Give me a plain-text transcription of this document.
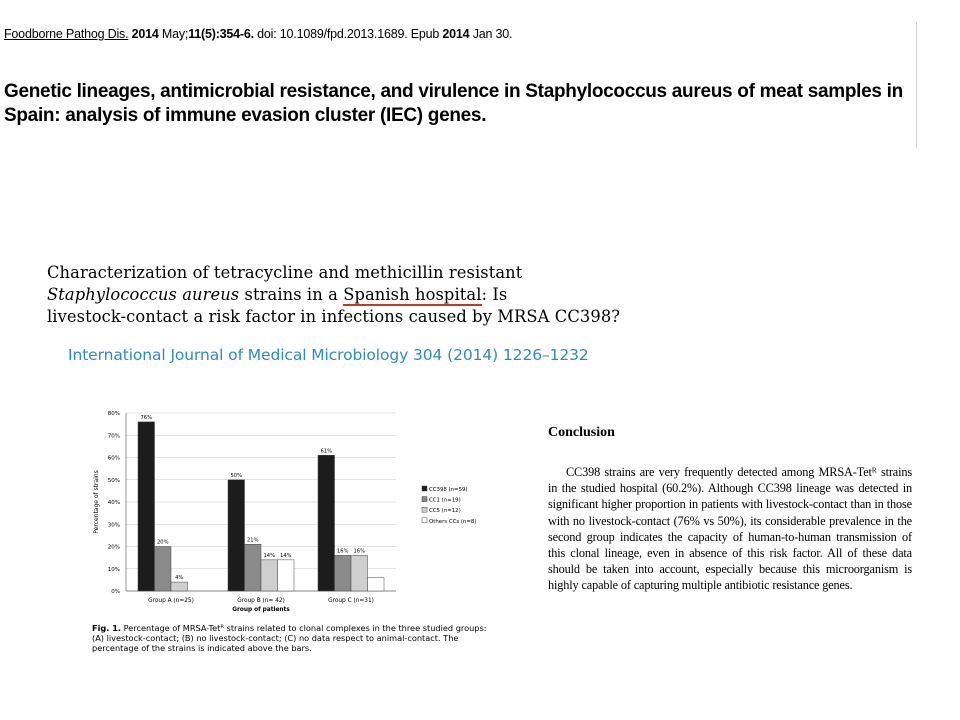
Foodborne Pathog Dis. 2014 May;11(5):354-6. doi: 10.1089/fpd.2013.1689. Epub 2014 Jan 30.
Genetic lineages, antimicrobial resistance, and virulence in Staphylococcus aureus of meat samples in Spain: analysis of immune evasion cluster (IEC) genes.
Characterization of tetracycline and methicillin resistant
Staphylococcus aureus strains in a Spanish hospital: Is
livestock-contact a risk factor in infections caused by MRSA CC398?
International Journal of Medical Microbiology 304 (2014) 1226–1232
0%
10%
20%
30%
40%
50%
60%
70%
80%
76%
20%
4%
Group A (n=25)
50%
21%
14% 14%
Group B (n= 42)
61%
16% 16%
Group C (n=31)
Group of patients
Percentage of strains	CC398 (n=59)
CC1 (n=19)
CC5 (n=12)
Others CCs (n=8)
Fig. 1. Percentage of MRSA-Tetᴿ strains related to clonal complexes in the three studied groups: (A) livestock-contact; (B) no livestock-contact; (C) no data respect to animal-contact. The percentage of the strains is indicated above the bars.
Conclusion
CC398 strains are very frequently detected among MRSA-Tetᴿ strains in the studied hospital (60.2%). Although CC398 lineage was detected in significant higher proportion in patients with livestock-contact than in those with no livestock-contact (76% vs 50%), its considerable prevalence in the second group indicates the capacity of human-to-human transmission of this clonal lineage, even in absence of this risk factor. All of these data should be taken into account, especially because this microorganism is highly capable of capturing multiple antibiotic resistance genes.
